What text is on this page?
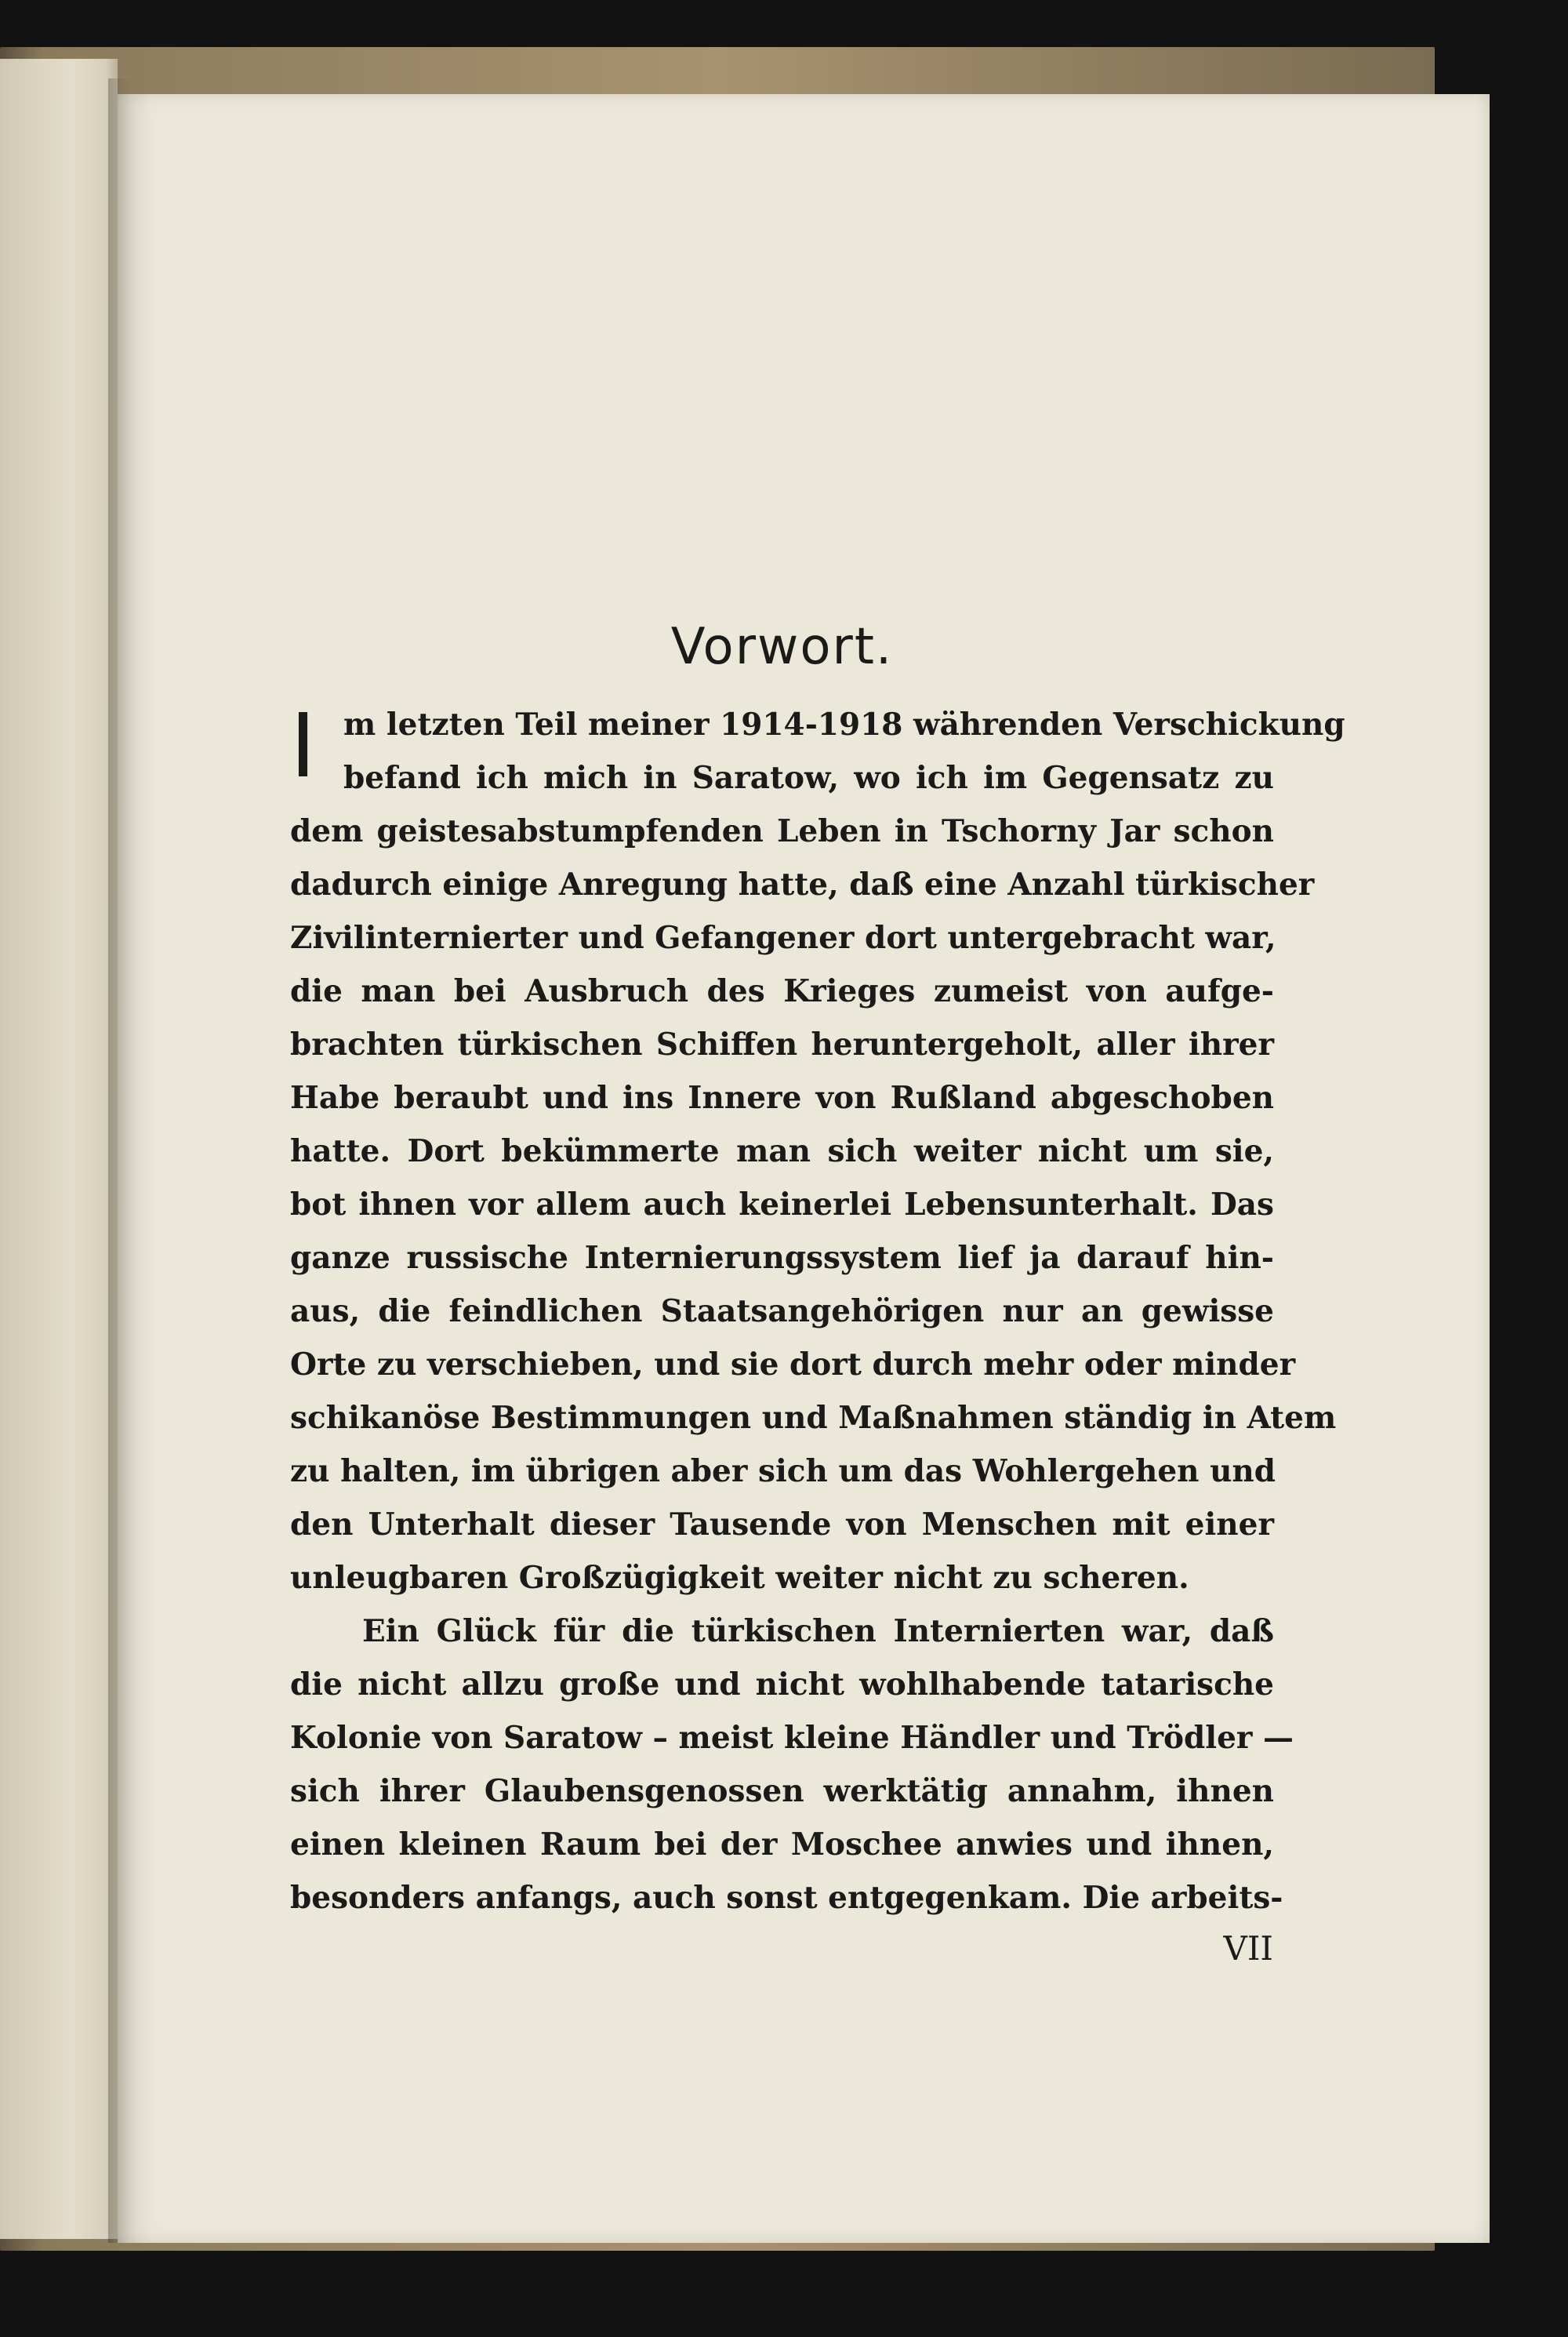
Vorwort.
I m letzten Teil meiner 1914-1918 währenden Verschickung
befand ich mich in Saratow, wo ich im Gegensatz zu
dem geistesabstumpfenden Leben in Tschorny Jar schon
dadurch einige Anregung hatte, daß eine Anzahl türkischer
Zivilinternierter und Gefangener dort untergebracht war,
die man bei Ausbruch des Krieges zumeist von aufge-
brachten türkischen Schiffen heruntergeholt, aller ihrer
Habe beraubt und ins Innere von Rußland abgeschoben
hatte. Dort bekümmerte man sich weiter nicht um sie,
bot ihnen vor allem auch keinerlei Lebensunterhalt. Das
ganze russische Internierungssystem lief ja darauf hin-
aus, die feindlichen Staatsangehörigen nur an gewisse
Orte zu verschieben, und sie dort durch mehr oder minder
schikanöse Bestimmungen und Maßnahmen ständig in Atem
zu halten, im übrigen aber sich um das Wohlergehen und
den Unterhalt dieser Tausende von Menschen mit einer
unleugbaren Großzügigkeit weiter nicht zu scheren.
Ein Glück für die türkischen Internierten war, daß
die nicht allzu große und nicht wohlhabende tatarische
Kolonie von Saratow – meist kleine Händler und Trödler —
sich ihrer Glaubensgenossen werktätig annahm, ihnen
einen kleinen Raum bei der Moschee anwies und ihnen,
besonders anfangs, auch sonst entgegenkam. Die arbeits-
VII
